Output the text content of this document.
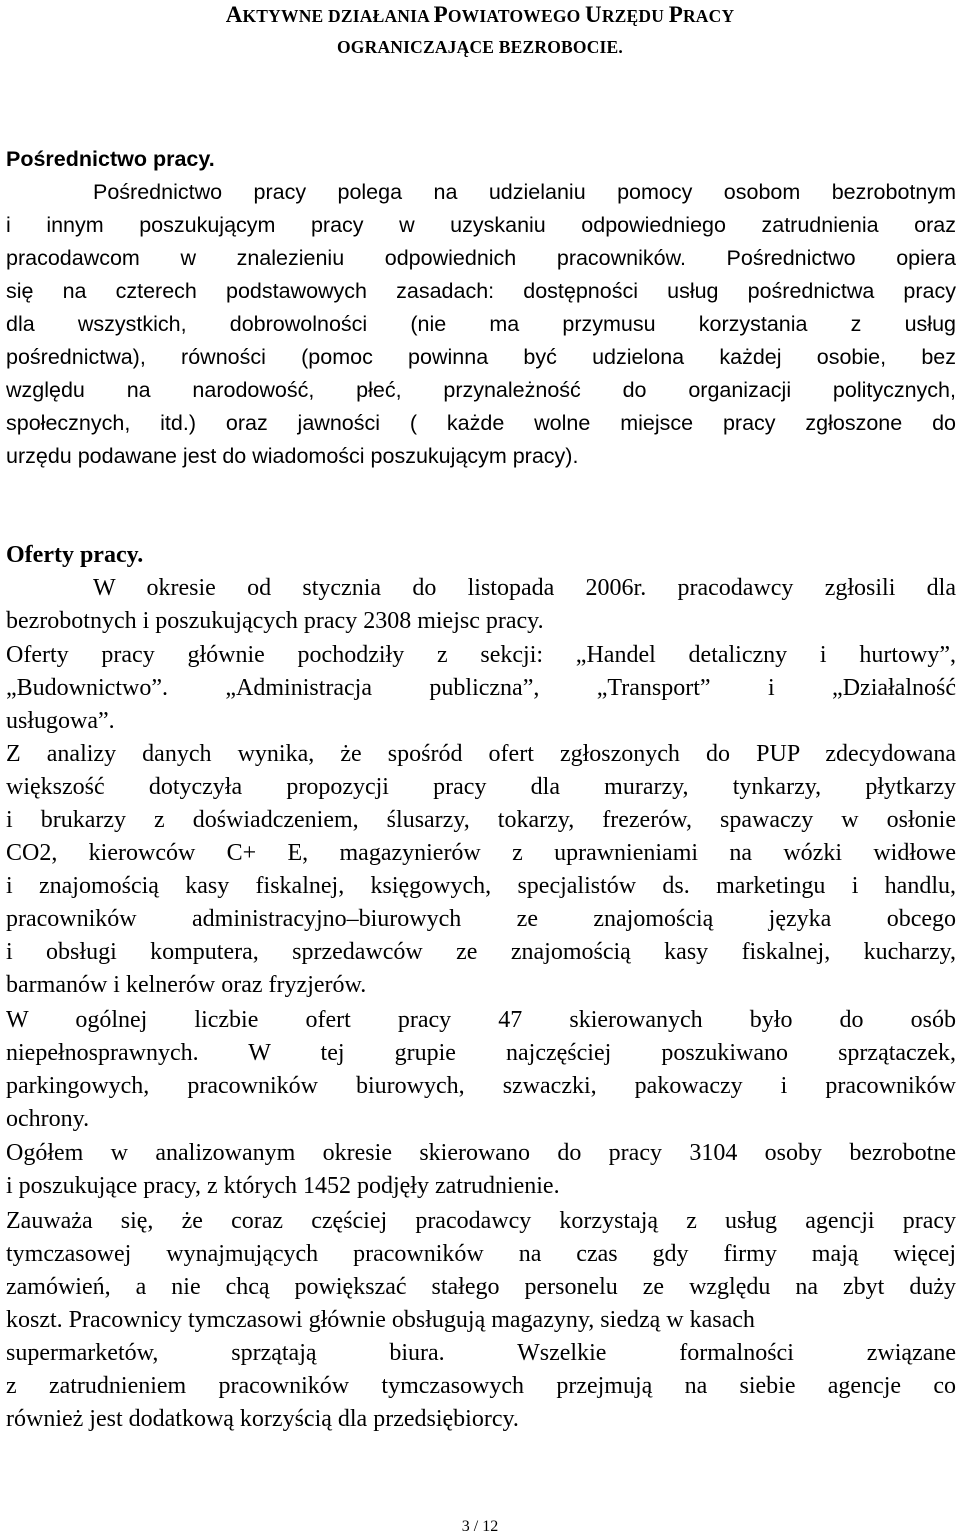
AKTYWNE DZIAŁANIA POWIATOWEGO URZĘDU PRACY
OGRANICZAJĄCE BEZROBOCIE.
Pośrednictwo pracy.
Pośrednictwo pracy polega na udzielaniu pomocy osobom bezrobotnym
i innym poszukującym pracy w uzyskaniu odpowiedniego zatrudnienia oraz
pracodawcom w znalezieniu odpowiednich pracowników. Pośrednictwo opiera
się na czterech podstawowych zasadach: dostępności usług pośrednictwa pracy
dla wszystkich, dobrowolności (nie ma przymusu korzystania z usług
pośrednictwa), równości (pomoc powinna być udzielona każdej osobie, bez
względu na narodowość, płeć, przynależność do organizacji politycznych,
społecznych, itd.) oraz jawności ( każde wolne miejsce pracy zgłoszone do
urzędu podawane jest do wiadomości poszukującym pracy).
Oferty pracy.
W okresie od stycznia do listopada 2006r. pracodawcy zgłosili dla
bezrobotnych i poszukujących pracy 2308 miejsc pracy.
Oferty pracy głównie pochodziły z sekcji: „Handel detaliczny i hurtowy”,
„Budownictwo”. „Administracja publiczna”, „Transport” i „Działalność
usługowa”.
Z analizy danych wynika, że spośród ofert zgłoszonych do PUP zdecydowana
większość dotyczyła propozycji pracy dla murarzy, tynkarzy, płytkarzy
i brukarzy z doświadczeniem, ślusarzy, tokarzy, frezerów, spawaczy w osłonie
CO2, kierowców C+ E, magazynierów z uprawnieniami na wózki widłowe
i znajomością kasy fiskalnej, księgowych, specjalistów ds. marketingu i handlu,
pracowników administracyjno–biurowych ze znajomością języka obcego
i obsługi komputera, sprzedawców ze znajomością kasy fiskalnej, kucharzy,
barmanów i kelnerów oraz fryzjerów.
W ogólnej liczbie ofert pracy 47 skierowanych było do osób
niepełnosprawnych. W tej grupie najczęściej poszukiwano sprzątaczek,
parkingowych, pracowników biurowych, szwaczki, pakowaczy i pracowników
ochrony.
Ogółem w analizowanym okresie skierowano do pracy 3104 osoby bezrobotne
i poszukujące pracy, z których 1452 podjęły zatrudnienie.
Zauważa się, że coraz częściej pracodawcy korzystają z usług agencji pracy
tymczasowej wynajmujących pracowników na czas gdy firmy mają więcej
zamówień, a nie chcą powiększać stałego personelu ze względu na zbyt duży
koszt. Pracownicy tymczasowi głównie obsługują magazyny, siedzą w kasach
supermarketów, sprzątają biura. Wszelkie formalności związane
z zatrudnieniem pracowników tymczasowych przejmują na siebie agencje co
również jest dodatkową korzyścią dla przedsiębiorcy.
3 / 12
